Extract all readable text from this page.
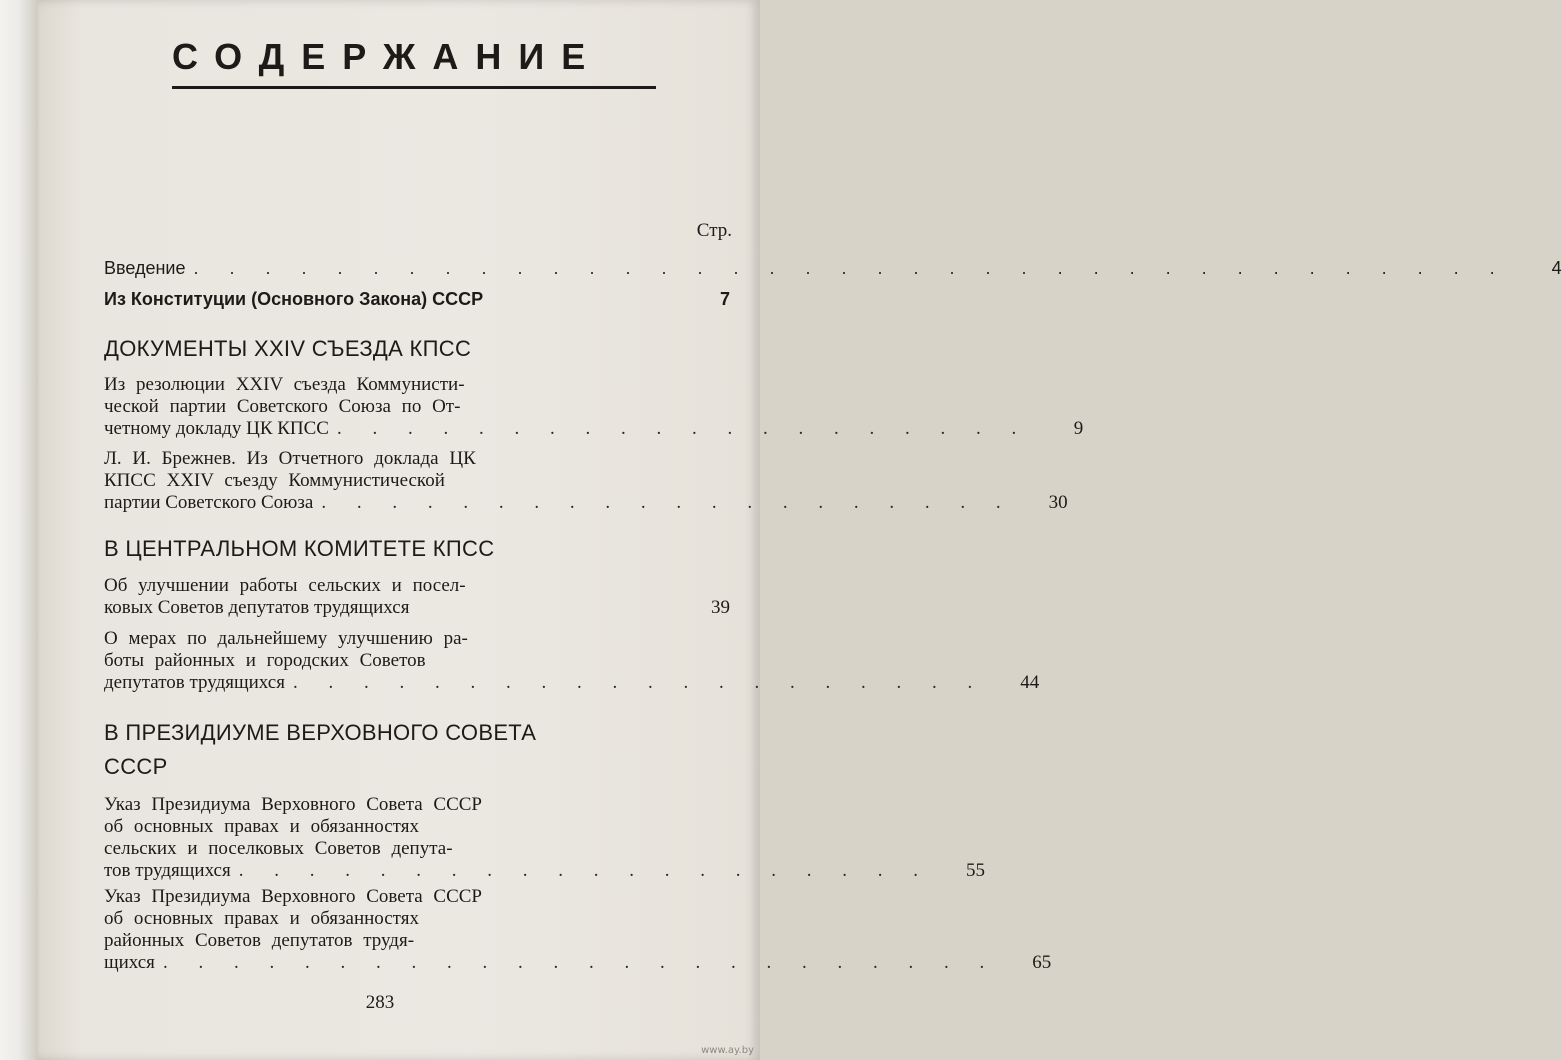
СОДЕРЖАНИЕ
Стр.
Введение . . . . . . . . . . . . . . . . . . . . . . . . . . . . . . . . . . . . .	4
Из Конституции (Основного Закона) СССР	7
ДОКУМЕНТЫ XXIV СЪЕЗДА КПСС
Из резолюции XXIV съезда Коммунисти-
ческой партии Советского Союза по От-
четному докладу ЦК КПСС . . . . . . . . . . . . . . . . . . . .	9
Л. И. Брежнев. Из Отчетного доклада ЦК
КПСС XXIV съезду Коммунистической
партии Советского Союза . . . . . . . . . . . . . . . . . . . .	30
В ЦЕНТРАЛЬНОМ КОМИТЕТЕ КПСС
Об улучшении работы сельских и посел-
ковых Советов депутатов трудящихся	39
О мерах по дальнейшему улучшению ра-
боты районных и городских Советов
депутатов трудящихся . . . . . . . . . . . . . . . . . . . .	44
В ПРЕЗИДИУМЕ ВЕРХОВНОГО СОВЕТА
СССР
Указ Президиума Верховного Совета СССР
об основных правах и обязанностях
сельских и поселковых Советов депута-
тов трудящихся . . . . . . . . . . . . . . . . . . . .	55
Указ Президиума Верховного Совета СССР
об основных правах и обязанностях
районных Советов депутатов трудя-
щихся . . . . . . . . . . . . . . . . . . . . . . . .	65
283
www.ay.by
